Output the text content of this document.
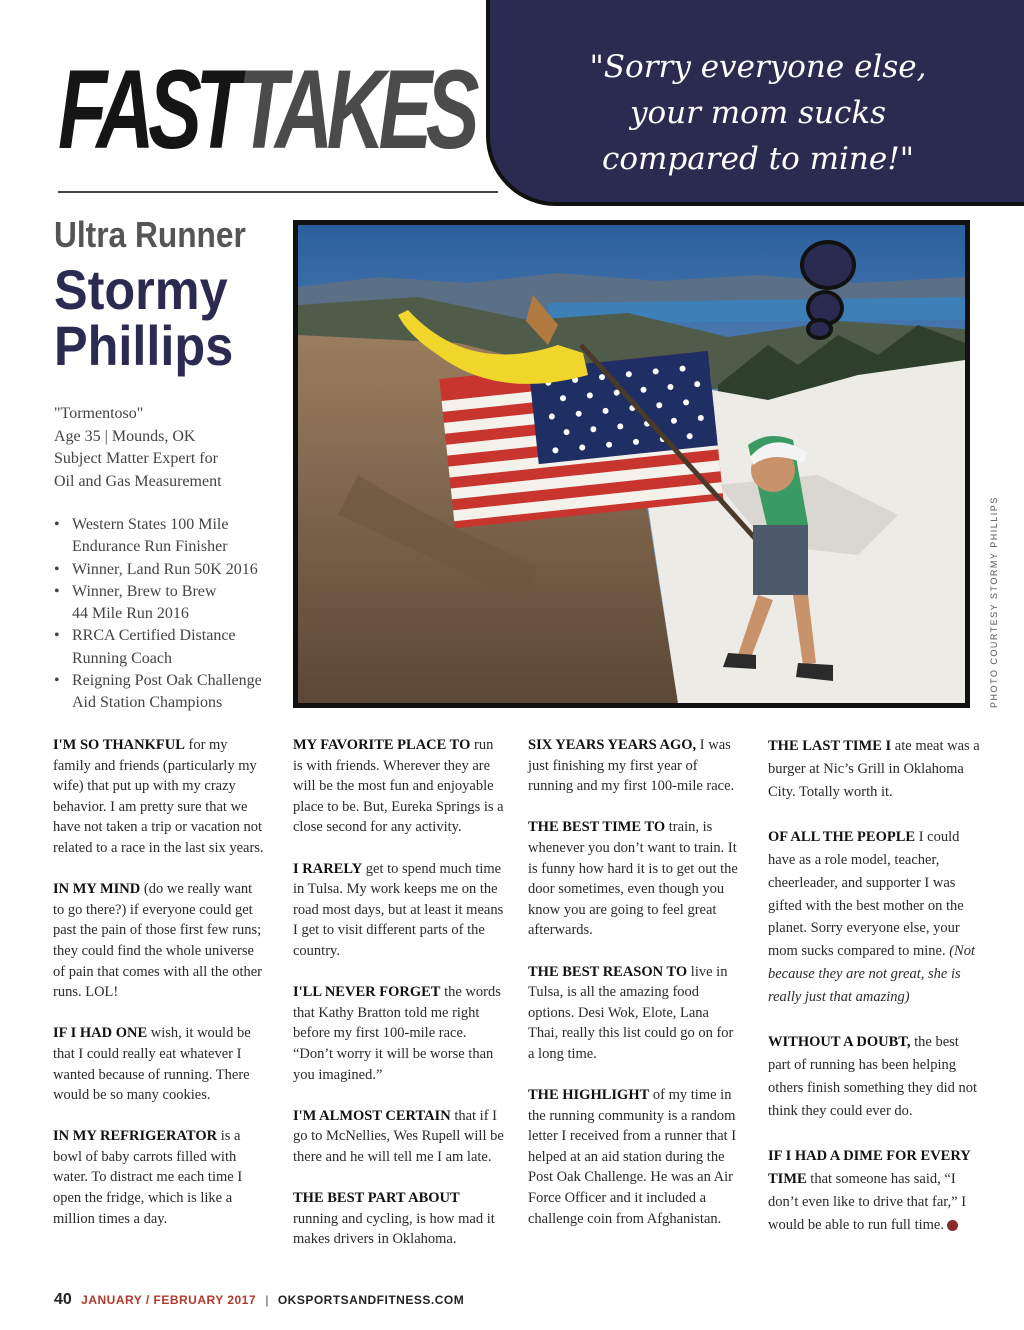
FASTTAKES	"Sorry everyone else,
your mom sucks
compared to mine!"
PHOTO COURTESY STORMY PHILLIPS
Ultra Runner
Stormy
Phillips
"Tormentoso"
Age 35 | Mounds, OK
Subject Matter Expert for
Oil and Gas Measurement
• Western States 100 Mile
Endurance Run Finisher
• Winner, Land Run 50K 2016
• Winner, Brew to Brew
44 Mile Run 2016
• RRCA Certified Distance
Running Coach
• Reigning Post Oak Challenge
Aid Station Champions

I'M SO THANKFUL for my family and friends (particularly my wife) that put up with my crazy behavior. I am pretty sure that we have not taken a trip or vacation not related to a race in the last six years.

IN MY MIND (do we really want to go there?) if everyone could get past the pain of those first few runs; they could find the whole universe of pain that comes with all the other runs. LOL!

IF I HAD ONE wish, it would be that I could really eat whatever I wanted because of running. There would be so many cookies.

IN MY REFRIGERATOR is a bowl of baby carrots filled with water. To distract me each time I open the fridge, which is like a million times a day.

MY FAVORITE PLACE TO run is with friends. Wherever they are will be the most fun and enjoyable place to be. But, Eureka Springs is a close second for any activity.

I RARELY get to spend much time in Tulsa. My work keeps me on the road most days, but at least it means I get to visit different parts of the country.

I'LL NEVER FORGET the words that Kathy Bratton told me right before my first 100-mile race. “Don’t worry it will be worse than you imagined.”

I'M ALMOST CERTAIN that if I go to McNellies, Wes Rupell will be there and he will tell me I am late.

THE BEST PART ABOUT running and cycling, is how mad it makes drivers in Oklahoma.

SIX YEARS YEARS AGO, I was just finishing my first year of running and my first 100-mile race.

THE BEST TIME TO train, is whenever you don’t want to train. It is funny how hard it is to get out the door sometimes, even though you know you are going to feel great afterwards.

THE BEST REASON TO live in Tulsa, is all the amazing food options. Desi Wok, Elote, Lana Thai, really this list could go on for a long time.

THE HIGHLIGHT of my time in the running community is a random letter I received from a runner that I helped at an aid station during the Post Oak Challenge. He was an Air Force Officer and it included a challenge coin from Afghanistan.

THE LAST TIME I ate meat was a burger at Nic’s Grill in Oklahoma City. Totally worth it.

OF ALL THE PEOPLE I could have as a role model, teacher, cheerleader, and supporter I was gifted with the best mother on the planet. Sorry everyone else, your mom sucks compared to mine. (Not because they are not great, she is really just that amazing)

WITHOUT A DOUBT, the best part of running has been helping others finish something they did not think they could ever do.

IF I HAD A DIME FOR EVERY TIME that someone has said, “I don’t even like to drive that far,” I would be able to run full time.

40 JANUARY / FEBRUARY 2017 | OKSPORTSANDFITNESS.COM
